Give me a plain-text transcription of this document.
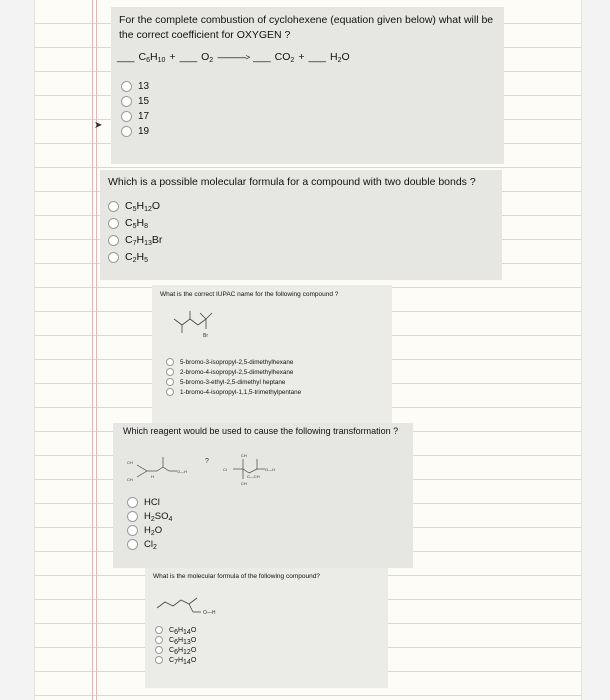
For the complete combustion of cyclohexene (equation given below) what will be the correct coefficient for OXYGEN ?
___ $C_6H_{10}$ + ___ $O_2$ -----------------> ___ $CO_2$ + ___ $H_2O$
13
15
17
19
➤
Which is a possible molecular formula for a compound with two double bonds ?
$C_5H_{12}O$
$C_5H_8$
$C_7H_{13}Br$
$C_2H_5$
What is the correct IUPAC name for the following compound ?
Br
5-bromo-3-isopropyl-2,5-dimethylhexane
2-bromo-4-isopropyl-2,5-dimethylhexane
5-bromo-3-ethyl-2,5-dimethyl heptane
1-bromo-4-isopropyl-1,1,5-trimethylpentane
Which reagent would be used to cause the following transformation ?
CH
CH
H
O—H
?
CH
Cl
C—CH
O—H
CH
HCl
$H_2SO_4$
$H_2O$
$Cl_2$
What is the molecular formula of the following compound?
O—H
$C_6H_{14}O$
$C_6H_{13}O$
$C_6H_{12}O$
$C_7H_{14}O$
